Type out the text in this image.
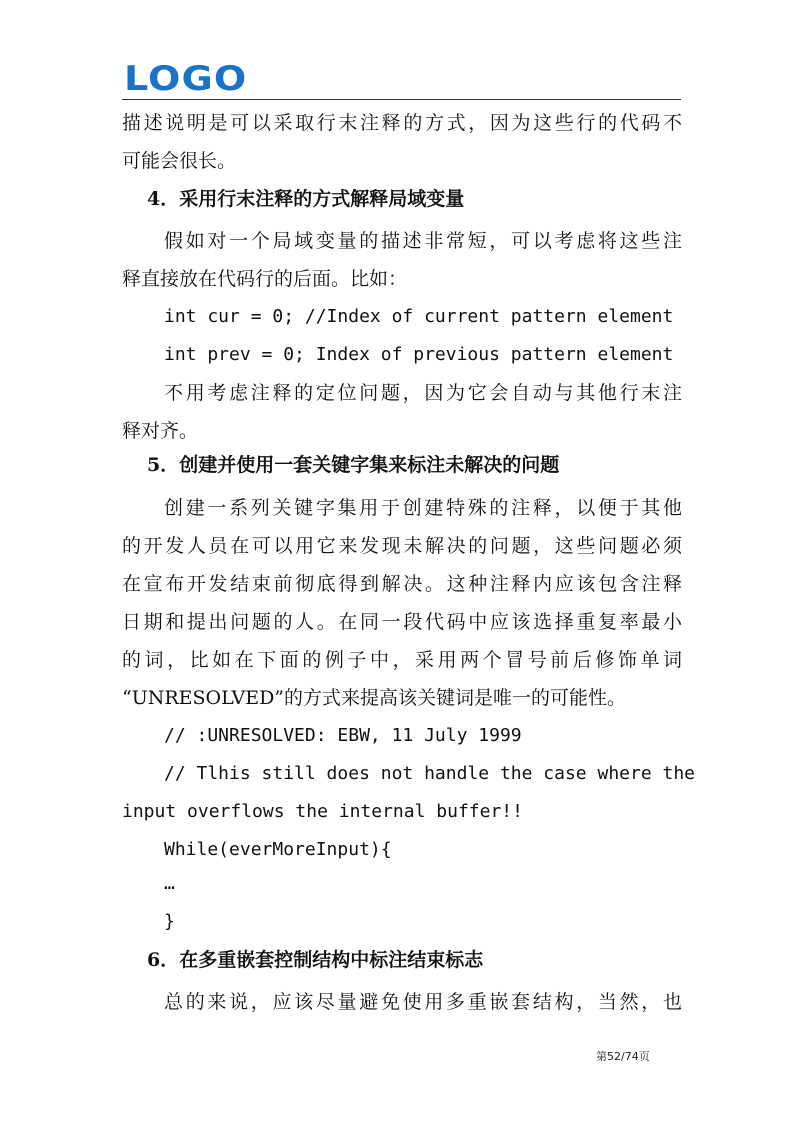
LOGO
描述说明是可以采取行末注释的方式，因为这些行的代码不
可能会很长。
4．采用行末注释的方式解释局域变量
假如对一个局域变量的描述非常短，可以考虑将这些注
释直接放在代码行的后面。比如：
int cur = 0; //Index of current pattern element
int prev = 0; Index of previous pattern element
不用考虑注释的定位问题，因为它会自动与其他行末注
释对齐。
5．创建并使用一套关键字集来标注未解决的问题
创建一系列关键字集用于创建特殊的注释，以便于其他
的开发人员在可以用它来发现未解决的问题，这些问题必须
在宣布开发结束前彻底得到解决。这种注释内应该包含注释
日期和提出问题的人。在同一段代码中应该选择重复率最小
的词，比如在下面的例子中，采用两个冒号前后修饰单词
“UNRESOLVED”的方式来提高该关键词是唯一的可能性。
// :UNRESOLVED: EBW, 11 July 1999
// Tlhis still does not handle the case where the
input overflows the internal buffer!!
While(everMoreInput){
…
}
6．在多重嵌套控制结构中标注结束标志
总的来说，应该尽量避免使用多重嵌套结构，当然，也
第52/74页
